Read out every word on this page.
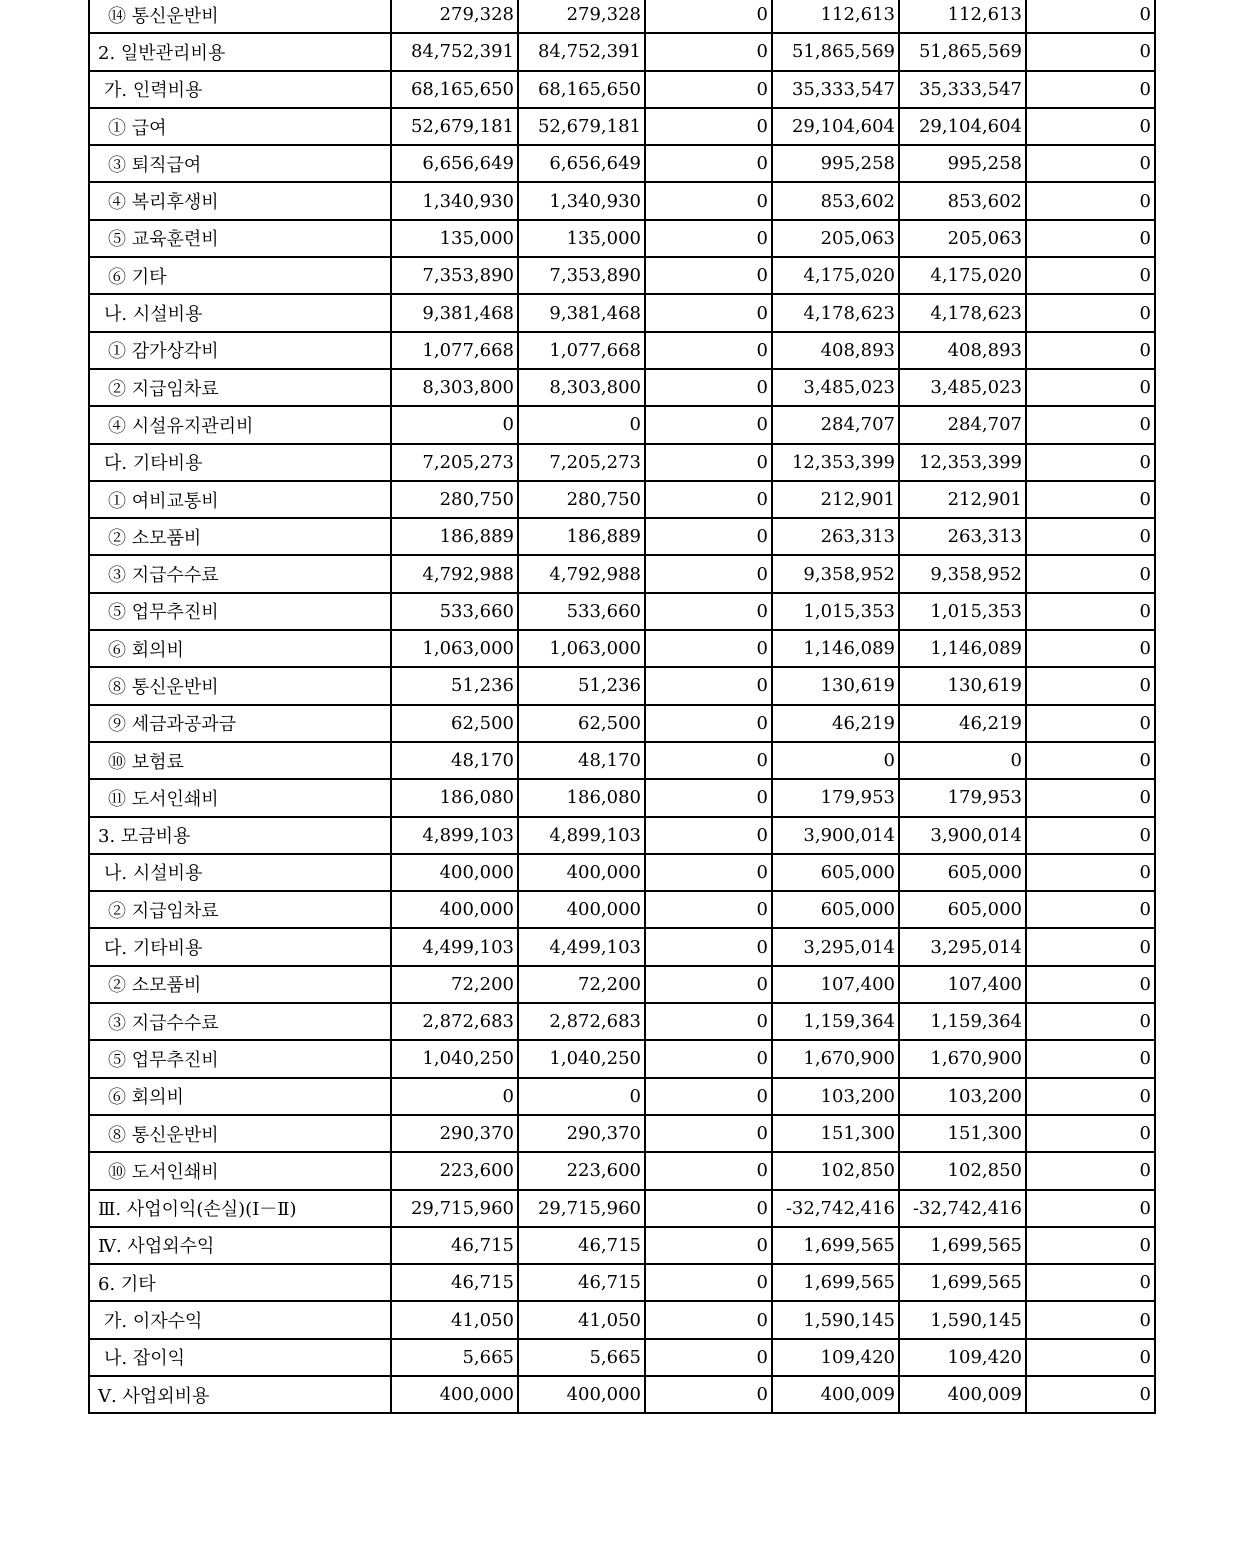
⑭ 통신운반비	279,328	279,328	0	112,613	112,613	0
2. 일반관리비용	84,752,391	84,752,391	0	51,865,569	51,865,569	0
가. 인력비용	68,165,650	68,165,650	0	35,333,547	35,333,547	0
① 급여	52,679,181	52,679,181	0	29,104,604	29,104,604	0
③ 퇴직급여	6,656,649	6,656,649	0	995,258	995,258	0
④ 복리후생비	1,340,930	1,340,930	0	853,602	853,602	0
⑤ 교육훈련비	135,000	135,000	0	205,063	205,063	0
⑥ 기타	7,353,890	7,353,890	0	4,175,020	4,175,020	0
나. 시설비용	9,381,468	9,381,468	0	4,178,623	4,178,623	0
① 감가상각비	1,077,668	1,077,668	0	408,893	408,893	0
② 지급임차료	8,303,800	8,303,800	0	3,485,023	3,485,023	0
④ 시설유지관리비	0	0	0	284,707	284,707	0
다. 기타비용	7,205,273	7,205,273	0	12,353,399	12,353,399	0
① 여비교통비	280,750	280,750	0	212,901	212,901	0
② 소모품비	186,889	186,889	0	263,313	263,313	0
③ 지급수수료	4,792,988	4,792,988	0	9,358,952	9,358,952	0
⑤ 업무추진비	533,660	533,660	0	1,015,353	1,015,353	0
⑥ 회의비	1,063,000	1,063,000	0	1,146,089	1,146,089	0
⑧ 통신운반비	51,236	51,236	0	130,619	130,619	0
⑨ 세금과공과금	62,500	62,500	0	46,219	46,219	0
⑩ 보험료	48,170	48,170	0	0	0	0
⑪ 도서인쇄비	186,080	186,080	0	179,953	179,953	0
3. 모금비용	4,899,103	4,899,103	0	3,900,014	3,900,014	0
나. 시설비용	400,000	400,000	0	605,000	605,000	0
② 지급임차료	400,000	400,000	0	605,000	605,000	0
다. 기타비용	4,499,103	4,499,103	0	3,295,014	3,295,014	0
② 소모품비	72,200	72,200	0	107,400	107,400	0
③ 지급수수료	2,872,683	2,872,683	0	1,159,364	1,159,364	0
⑤ 업무추진비	1,040,250	1,040,250	0	1,670,900	1,670,900	0
⑥ 회의비	0	0	0	103,200	103,200	0
⑧ 통신운반비	290,370	290,370	0	151,300	151,300	0
⑩ 도서인쇄비	223,600	223,600	0	102,850	102,850	0
Ⅲ. 사업이익(손실)(Ⅰ－Ⅱ)	29,715,960	29,715,960	0	-32,742,416	-32,742,416	0
Ⅳ. 사업외수익	46,715	46,715	0	1,699,565	1,699,565	0
6. 기타	46,715	46,715	0	1,699,565	1,699,565	0
가. 이자수익	41,050	41,050	0	1,590,145	1,590,145	0
나. 잡이익	5,665	5,665	0	109,420	109,420	0
Ⅴ. 사업외비용	400,000	400,000	0	400,009	400,009	0
